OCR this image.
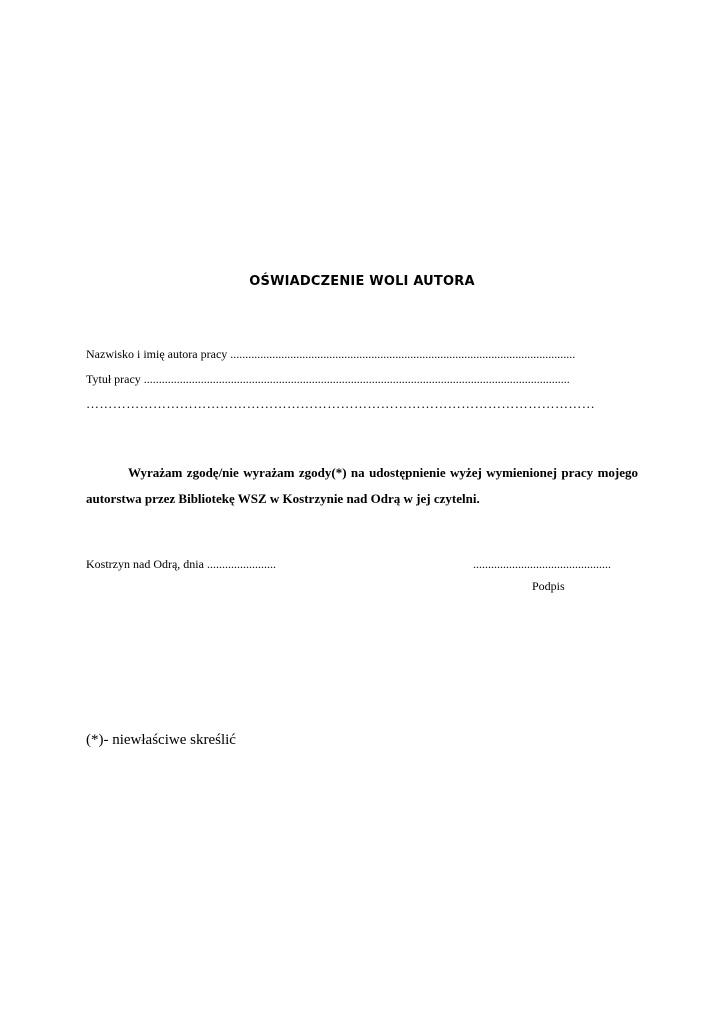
OŚWIADCZENIE WOLI AUTORA
Nazwisko i imię autora pracy ...................................................................................................................
Tytuł pracy ..............................................................................................................................................
……………………………………………………………………………………………………
Wyrażam zgodę/nie wyrażam zgody(*) na udostępnienie wyżej wymienionej pracy mojego autorstwa przez Bibliotekę WSZ w Kostrzynie nad Odrą w jej czytelni.
Kostrzyn nad Odrą, dnia .......................	..............................................
Podpis
(*)- niewłaściwe skreślić
